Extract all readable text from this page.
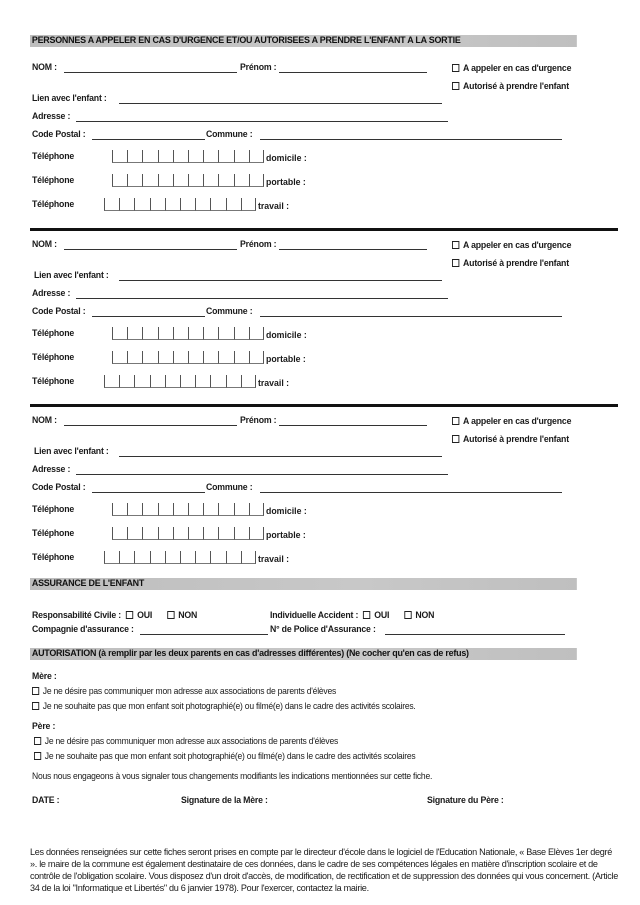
PERSONNES A APPELER EN CAS D'URGENCE ET/OU AUTORISEES A PRENDRE L'ENFANT A LA SORTIE
NOM :	Prénom :	A appeler en cas d'urgence
Autorisé à prendre l'enfant
Lien avec l'enfant :
Adresse :
Code Postal :	Commune :
Téléphone	domicile :
Téléphone	portable :
Téléphone	travail :
NOM :	Prénom :	A appeler en cas d'urgence
Autorisé à prendre l'enfant
Lien avec l'enfant :
Adresse :
Code Postal :	Commune :
Téléphone	domicile :
Téléphone	portable :
Téléphone	travail :
NOM :	Prénom :	A appeler en cas d'urgence
Autorisé à prendre l'enfant
Lien avec l'enfant :
Adresse :
Code Postal :	Commune :
Téléphone	domicile :
Téléphone	portable :
Téléphone	travail :
ASSURANCE DE L'ENFANT
Responsabilité Civile : OUI	NON	Individuelle Accident : OUI	NON
Compagnie d'assurance :	N° de Police d'Assurance :
AUTORISATION (à remplir par les deux parents en cas d'adresses différentes) (Ne cocher qu'en cas de refus)
Mère :
Je ne désire pas communiquer mon adresse aux associations de parents d'élèves
Je ne souhaite pas que mon enfant soit photographié(e) ou filmé(e) dans le cadre des activités scolaires.
Père :
Je ne désire pas communiquer mon adresse aux associations de parents d'élèves
Je ne souhaite pas que mon enfant soit photographié(e) ou filmé(e) dans le cadre des activités scolaires
Nous nous engageons à vous signaler tous changements modifiants les indications mentionnées sur cette fiche.
DATE :	Signature de la Mère :	Signature du Père :
Les données renseignées sur cette fiches seront prises en compte par le directeur d'école dans le logiciel de l'Education Nationale, « Base Elèves 1er degré ». le maire de la commune est également destinataire de ces données, dans le cadre de ses compétences légales en matière d'inscription scolaire et de contrôle de l'obligation scolaire. Vous disposez d'un droit d'accès, de modification, de rectification et de suppression des données qui vous concernent. (Article 34 de la loi "Informatique et Libertés" du 6 janvier 1978). Pour l'exercer, contactez la mairie.
